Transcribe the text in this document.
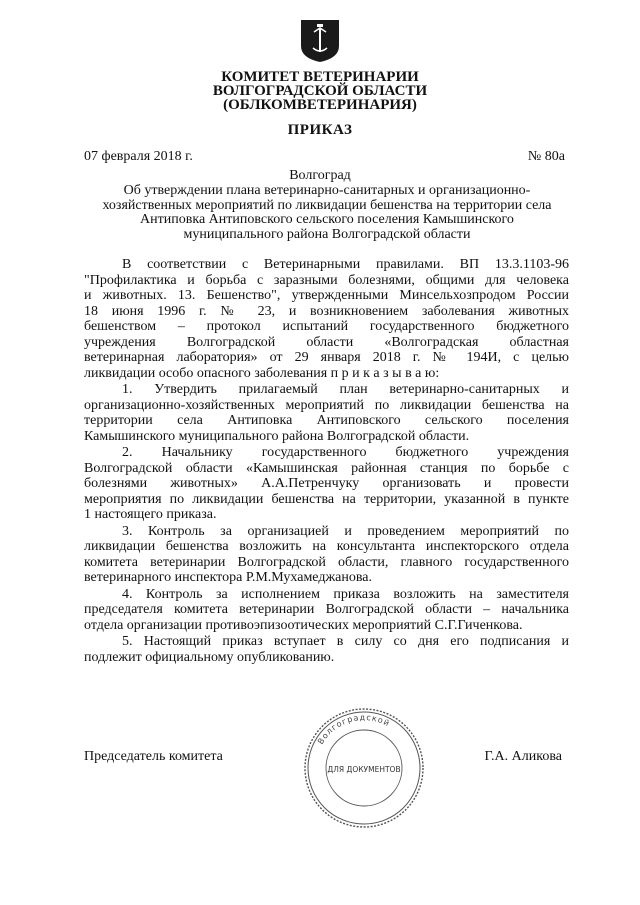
КОМИТЕТ ВЕТЕРИНАРИИ
ВОЛГОГРАДСКОЙ ОБЛАСТИ
(ОБЛКОМВЕТЕРИНАРИЯ)
ПРИКАЗ
07 февраля 2018 г.	№ 80а
Волгоград
Об утверждении плана ветеринарно-санитарных и организационно-
хозяйственных мероприятий по ликвидации бешенства на территории села
Антиповка Антиповского сельского поселения Камышинского
муниципального района Волгоградской области
В соответствии с Ветеринарными правилами. ВП 13.3.1103-96
"Профилактика и борьба с заразными болезнями, общими для человека
и животных. 13. Бешенство", утвержденными Минсельхозпродом России
18 июня 1996 г. № 23, и возникновением заболевания животных
бешенством – протокол испытаний государственного бюджетного
учреждения Волгоградской области «Волгоградская областная
ветеринарная лаборатория» от 29 января 2018 г. № 194И, с целью
ликвидации особо опасного заболевания п р и к а з ы в а ю:
1. Утвердить прилагаемый план ветеринарно-санитарных и
организационно-хозяйственных мероприятий по ликвидации бешенства на
территории села Антиповка Антиповского сельского поселения
Камышинского муниципального района Волгоградской области.
2. Начальнику государственного бюджетного учреждения
Волгоградской области «Камышинская районная станция по борьбе с
болезнями животных» А.А.Петренчуку организовать и провести
мероприятия по ликвидации бешенства на территории, указанной в пункте
1 настоящего приказа.
3. Контроль за организацией и проведением мероприятий по
ликвидации бешенства возложить на консультанта инспекторского отдела
комитета ветеринарии Волгоградской области, главного государственного
ветеринарного инспектора Р.М.Мухамеджанова.
4. Контроль за исполнением приказа возложить на заместителя
председателя комитета ветеринарии Волгоградской области – начальника
отдела организации противоэпизоотических мероприятий С.Г.Гиченкова.
5. Настоящий приказ вступает в силу со дня его подписания и
подлежит официальному опубликованию.
Председатель комитета	Г.А. Аликова
Волгоградской
ДЛЯ ДОКУМЕНТОВ
